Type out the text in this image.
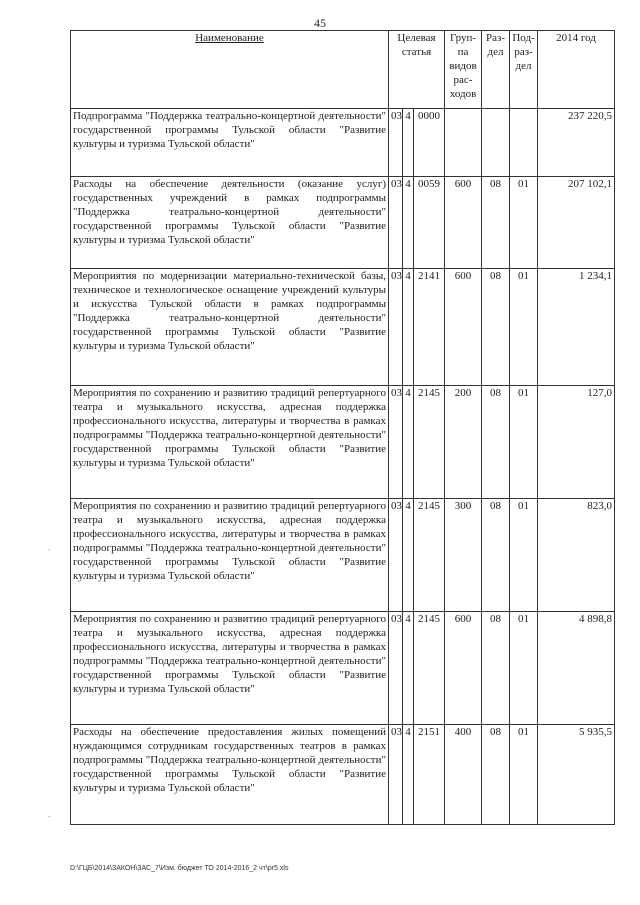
45
Наименование	Целевая статья			Груп-па видов рас-ходов	Раз-дел	Под-раз-дел	2014 год
Подпрограмма "Поддержка театрально-концертной деятельности" государственной программы Тульской области "Развитие культуры и туризма Тульской области"	03	4	0000				237 220,5
Расходы на обеспечение деятельности (оказание услуг) государственных учреждений в рамках подпрограммы "Поддержка театрально-концертной деятельности" государственной программы Тульской области "Развитие культуры и туризма Тульской области"	03	4	0059	600	08	01	207 102,1
Мероприятия по модернизации материально-технической базы, техническое и технологическое оснащение учреждений культуры и искусства Тульской области в рамках подпрограммы "Поддержка театрально-концертной деятельности" государственной программы Тульской области "Развитие культуры и туризма Тульской области"	03	4	2141	600	08	01	1 234,1
Мероприятия по сохранению и развитию традиций репертуарного театра и музыкального искусства, адресная поддержка профессионального искусства, литературы и творчества в рамках подпрограммы "Поддержка театрально-концертной деятельности" государственной программы Тульской области "Развитие культуры и туризма Тульской области"	03	4	2145	200	08	01	127,0
Мероприятия по сохранению и развитию традиций репертуарного театра и музыкального искусства, адресная поддержка профессионального искусства, литературы и творчества в рамках подпрограммы "Поддержка театрально-концертной деятельности" государственной программы Тульской области "Развитие культуры и туризма Тульской области"	03	4	2145	300	08	01	823,0
Мероприятия по сохранению и развитию традиций репертуарного театра и музыкального искусства, адресная поддержка профессионального искусства, литературы и творчества в рамках подпрограммы "Поддержка театрально-концертной деятельности" государственной программы Тульской области "Развитие культуры и туризма Тульской области"	03	4	2145	600	08	01	4 898,8
Расходы на обеспечение предоставления жилых помещений нуждающимся сотрудникам государственных театров в рамках подпрограммы "Поддержка театрально-концертной деятельности" государственной программы Тульской области "Развитие культуры и туризма Тульской области"	03	4	2151	400	08	01	5 935,5
-
-
D:\ГЦБ\2014\ЗАКОН\ЗАС_7\Изм. бюджет ТО 2014-2016_2 чт\pr5.xls
